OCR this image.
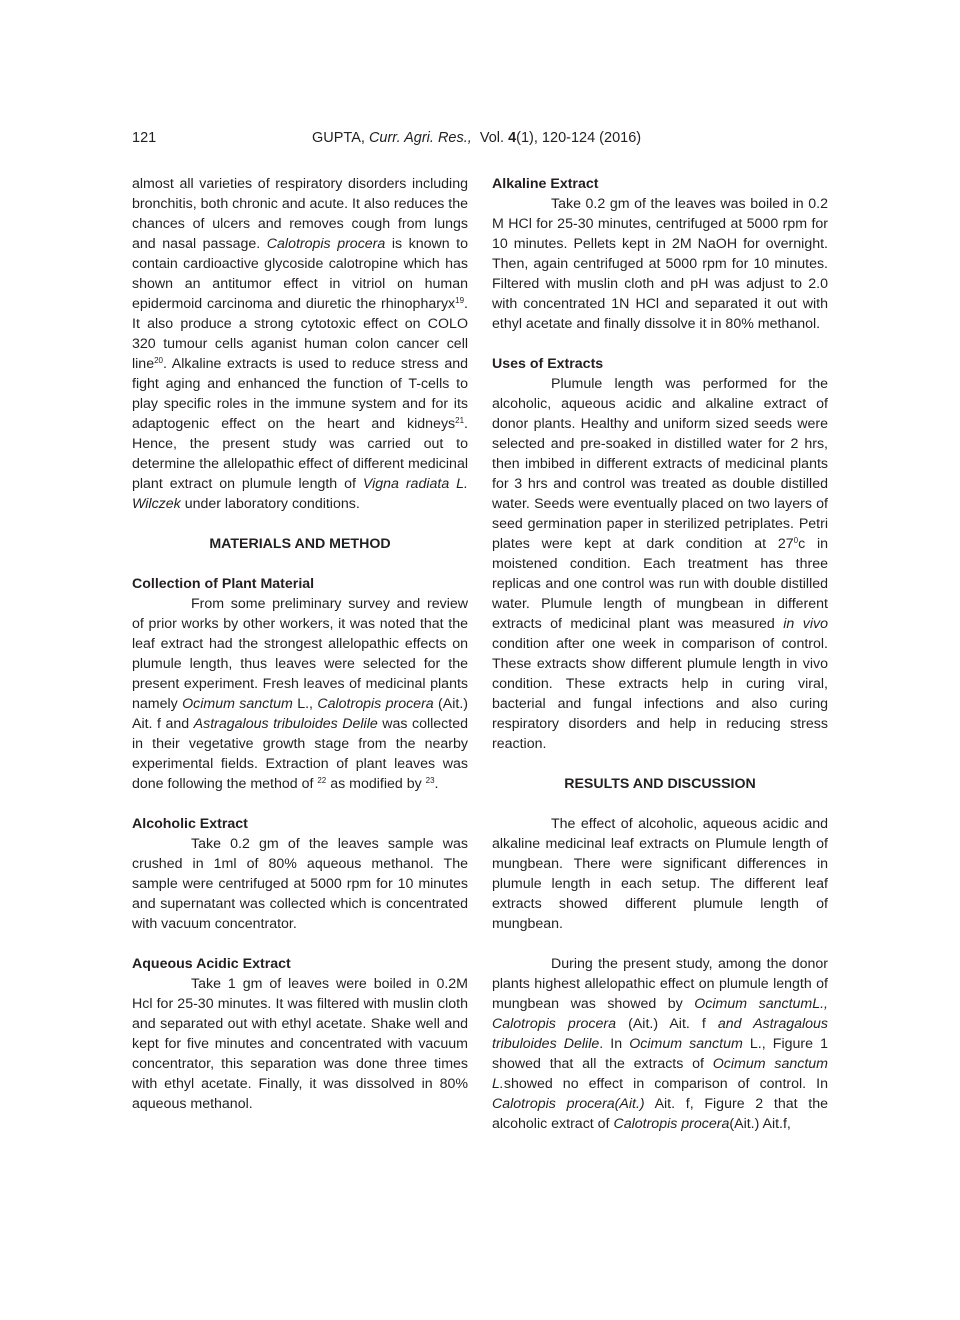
121	GUPTA, Curr. Agri. Res., Vol. 4(1), 120-124 (2016)

almost all varieties of respiratory disorders including bronchitis, both chronic and acute. It also reduces the chances of ulcers and removes cough from lungs and nasal passage. Calotropis procera is known to contain cardioactive glycoside calotropine which has shown an antitumor effect in vitriol on human epidermoid carcinoma and diuretic the rhinopharyx$^{19}$. It also produce a strong cytotoxic effect on COLO 320 tumour cells aganist human colon cancer cell line$^{20}$. Alkaline extracts is used to reduce stress and fight aging and enhanced the function of T-cells to play specific roles in the immune system and for its adaptogenic effect on the heart and kidneys$^{21}$. Hence, the present study was carried out to determine the allelopathic effect of different medicinal plant extract on plumule length of Vigna radiata L. Wilczek under laboratory conditions.

MATERIALS AND METHOD

Collection of Plant Material

From some preliminary survey and review of prior works by other workers, it was noted that the leaf extract had the strongest allelopathic effects on plumule length, thus leaves were selected for the present experiment. Fresh leaves of medicinal plants namely Ocimum sanctum L., Calotropis procera (Ait.) Ait. f and Astragalous tribuloides Delile was collected in their vegetative growth stage from the nearby experimental fields. Extraction of plant leaves was done following the method of $^{22}$ as modified by $^{23}$.

Alcoholic Extract

Take 0.2 gm of the leaves sample was crushed in 1ml of 80% aqueous methanol. The sample were centrifuged at 5000 rpm for 10 minutes and supernatant was collected which is concentrated with vacuum concentrator.

Aqueous Acidic Extract

Take 1 gm of leaves were boiled in 0.2M Hcl for 25-30 minutes. It was filtered with muslin cloth and separated out with ethyl acetate. Shake well and kept for five minutes and concentrated with vacuum concentrator, this separation was done three times with ethyl acetate. Finally, it was dissolved in 80% aqueous methanol.

Alkaline Extract

Take 0.2 gm of the leaves was boiled in 0.2 M HCl for 25-30 minutes, centrifuged at 5000 rpm for 10 minutes. Pellets kept in 2M NaOH for overnight. Then, again centrifuged at 5000 rpm for 10 minutes. Filtered with muslin cloth and pH was adjust to 2.0 with concentrated 1N HCl and separated it out with ethyl acetate and finally dissolve it in 80% methanol.

Uses of Extracts

Plumule length was performed for the alcoholic, aqueous acidic and alkaline extract of donor plants. Healthy and uniform sized seeds were selected and pre-soaked in distilled water for 2 hrs, then imbibed in different extracts of medicinal plants for 3 hrs and control was treated as double distilled water. Seeds were eventually placed on two layers of seed germination paper in sterilized petriplates. Petri plates were kept at dark condition at $27^0c$ in moistened condition. Each treatment has three replicas and one control was run with double distilled water. Plumule length of mungbean in different extracts of medicinal plant was measured in vivo condition after one week in comparison of control. These extracts show different plumule length in vivo condition. These extracts help in curing viral, bacterial and fungal infections and also curing respiratory disorders and help in reducing stress reaction.

RESULTS AND DISCUSSION

The effect of alcoholic, aqueous acidic and alkaline medicinal leaf extracts on Plumule length of mungbean. There were significant differences in plumule length in each setup. The different leaf extracts showed different plumule length of mungbean.

During the present study, among the donor plants highest allelopathic effect on plumule length of mungbean was showed by Ocimum sanctumL., Calotropis procera (Ait.) Ait. f and Astragalous tribuloides Delile. In Ocimum sanctum L., Figure 1 showed that all the extracts of Ocimum sanctum L.showed no effect in comparison of control. In Calotropis procera(Ait.) Ait. f, Figure 2 that the alcoholic extract of Calotropis procera(Ait.) Ait.f,
